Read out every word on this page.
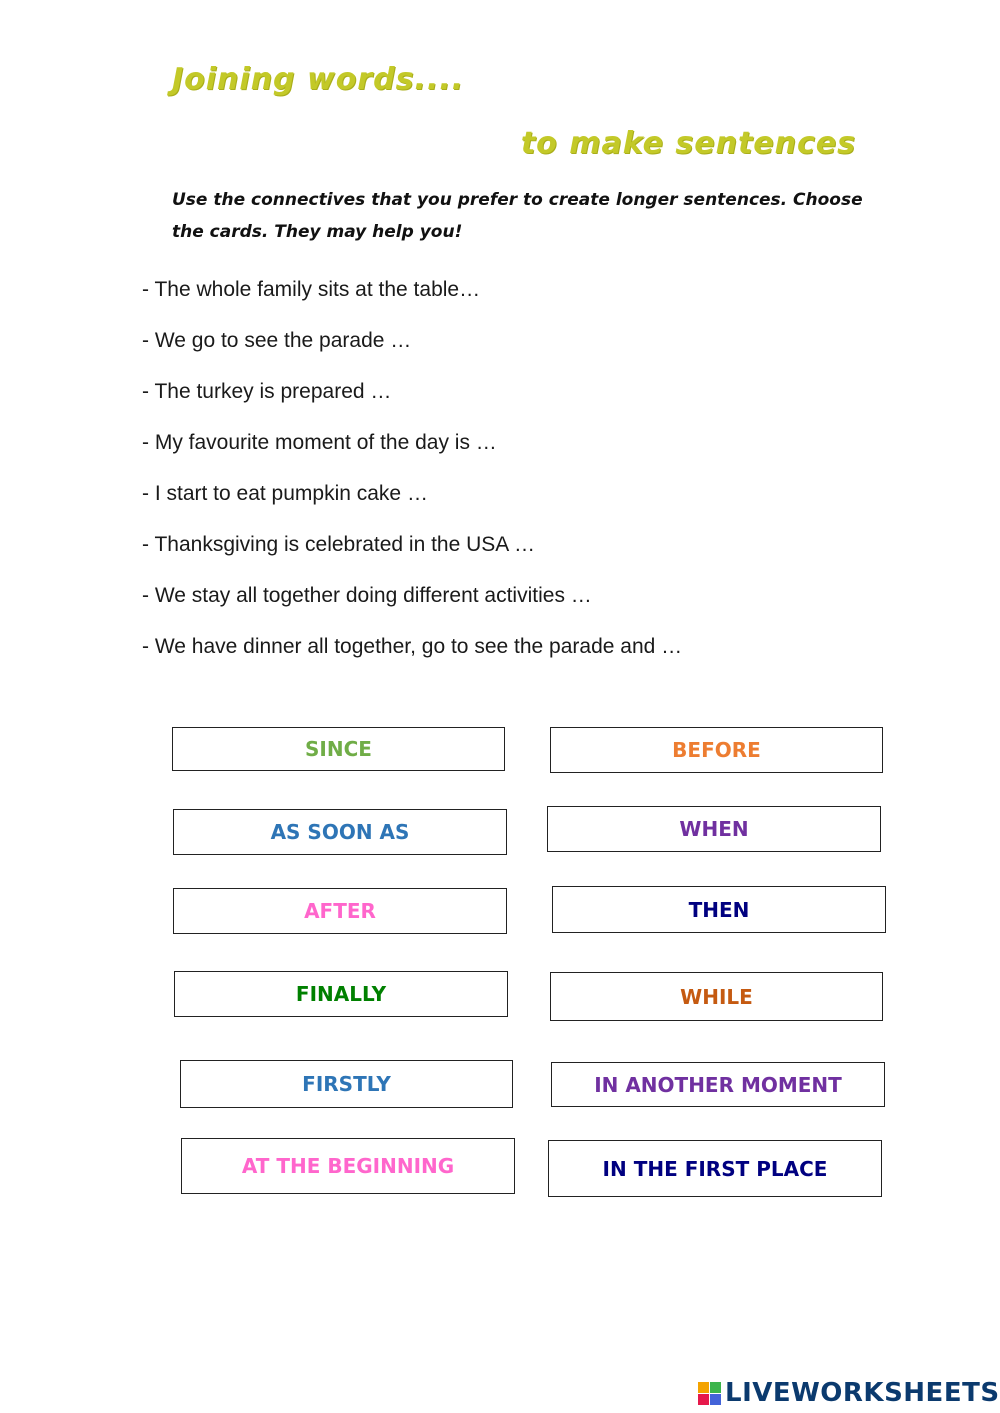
Joining words....
to make sentences

Use the connectives that you prefer to create longer sentences. Choose the cards. They may help you!

- The whole family sits at the table…
- We go to see the parade …
- The turkey is prepared …
- My favourite moment of the day is …
- I start to eat pumpkin cake …
- Thanksgiving is celebrated in the USA …
- We stay all together doing different activities …
- We have dinner all together, go to see the parade and …
SINCE	BEFORE
AS SOON AS	WHEN
AFTER	THEN
FINALLY	WHILE
FIRSTLY	IN ANOTHER MOMENT
AT THE BEGINNING	IN THE FIRST PLACE
LIVEWORKSHEETS
